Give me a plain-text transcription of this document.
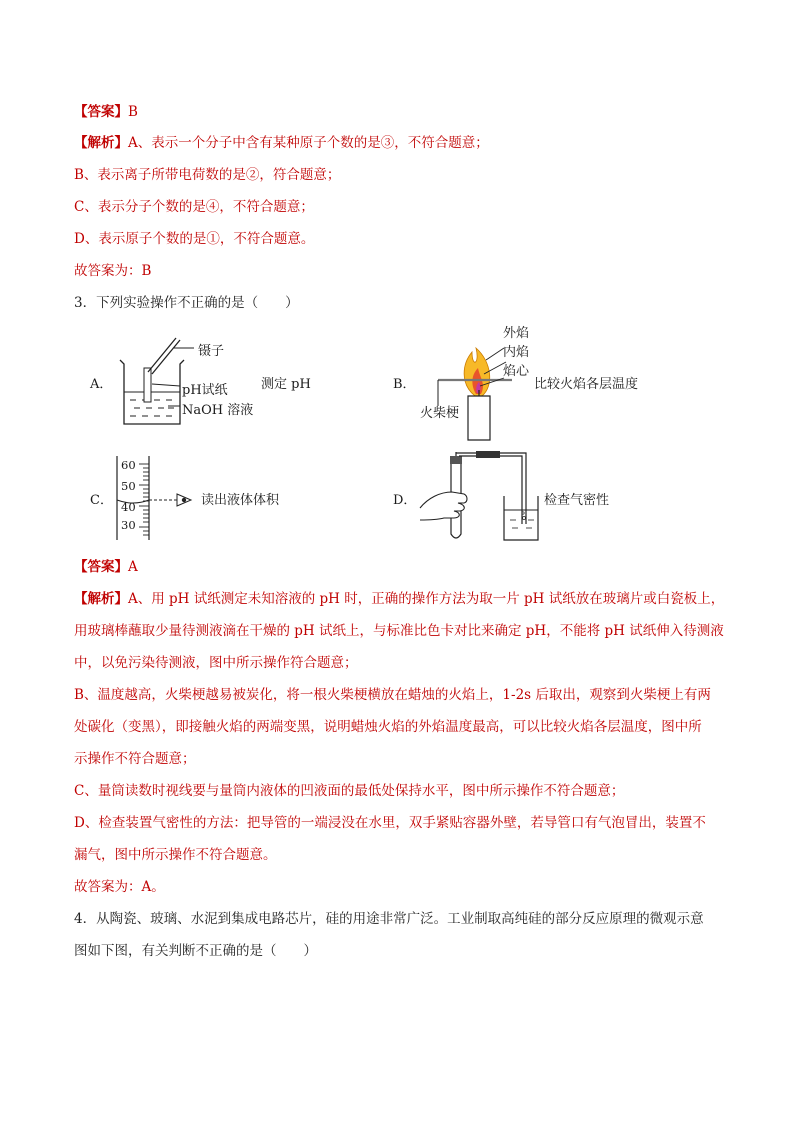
【答案】B
【解析】A、表示一个分子中含有某种原子个数的是③，不符合题意；
B、表示离子所带电荷数的是②，符合题意；
C、表示分子个数的是④，不符合题意；
D、表示原子个数的是①，不符合题意。
故答案为：B
3．下列实验操作不正确的是（　　）
A．
镊子
pH试纸
NaOH 溶液
测定 pH	B．
外焰
内焰
焰心
火柴梗
比较火焰各层温度
C．
60
50
40
30
读出液体体积	D．	检查气密性
【答案】A
【解析】A、用 pH 试纸测定未知溶液的 pH 时，正确的操作方法为取一片 pH 试纸放在玻璃片或白瓷板上，
用玻璃棒蘸取少量待测液滴在干燥的 pH 试纸上，与标准比色卡对比来确定 pH，不能将 pH 试纸伸入待测液
中，以免污染待测液，图中所示操作符合题意；
B、温度越高，火柴梗越易被炭化，将一根火柴梗横放在蜡烛的火焰上，1-2s 后取出，观察到火柴梗上有两
处碳化（变黑），即接触火焰的两端变黑，说明蜡烛火焰的外焰温度最高，可以比较火焰各层温度，图中所
示操作不符合题意；
C、量筒读数时视线要与量筒内液体的凹液面的最低处保持水平，图中所示操作不符合题意；
D、检查装置气密性的方法：把导管的一端浸没在水里，双手紧贴容器外壁，若导管口有气泡冒出，装置不
漏气，图中所示操作不符合题意。
故答案为：A。
4．从陶瓷、玻璃、水泥到集成电路芯片，硅的用途非常广泛。工业制取高纯硅的部分反应原理的微观示意
图如下图，有关判断不正确的是（　　）
